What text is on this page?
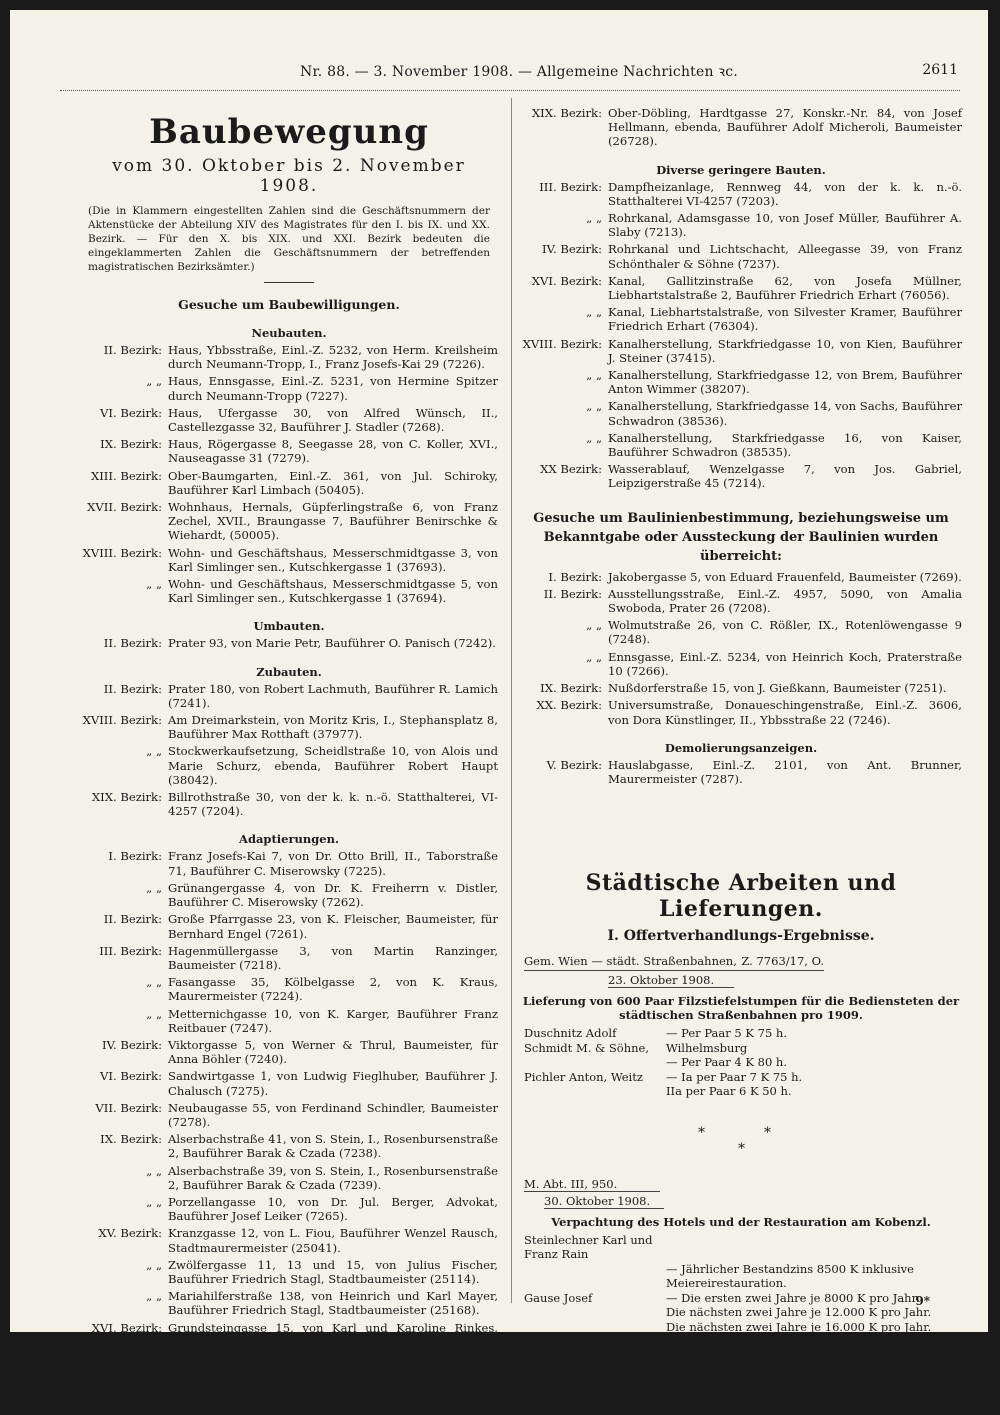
Nr. 88. — 3. November 1908. — Allgemeine Nachrichten ꝛc.	2611
Baubewegung
vom 30. Oktober bis 2. November 1908.
(Die in Klammern eingestellten Zahlen sind die Geschäftsnummern der Aktenstücke der Abteilung XIV des Magistrates für den I. bis IX. und XX. Bezirk. — Für den X. bis XIX. und XXI. Bezirk bedeuten die eingeklammerten Zahlen die Geschäftsnummern der betreffenden magistratischen Bezirksämter.)
Gesuche um Baubewilligungen.
Neubauten.
II. Bezirk: Haus, Ybbsstraße, Einl.-Z. 5232, von Herm. Kreilsheim durch Neumann-Tropp, I., Franz Josefs-Kai 29 (7226).
„ „ Haus, Ennsgasse, Einl.-Z. 5231, von Hermine Spitzer durch Neumann-Tropp (7227).
VI. Bezirk: Haus, Ufergasse 30, von Alfred Wünsch, II., Castellezgasse 32, Bauführer J. Stadler (7268).
IX. Bezirk: Haus, Rögergasse 8, Seegasse 28, von C. Koller, XVI., Nauseagasse 31 (7279).
XIII. Bezirk: Ober-Baumgarten, Einl.-Z. 361, von Jul. Schiroky, Bauführer Karl Limbach (50405).
XVII. Bezirk: Wohnhaus, Hernals, Güpferlingstraße 6, von Franz Zechel, XVII., Braungasse 7, Bauführer Benirschke & Wiehardt, (50005).
XVIII. Bezirk: Wohn- und Geschäftshaus, Messerschmidtgasse 3, von Karl Simlinger sen., Kutschkergasse 1 (37693).
„ „ Wohn- und Geschäftshaus, Messerschmidtgasse 5, von Karl Simlinger sen., Kutschkergasse 1 (37694).
Umbauten.
II. Bezirk: Prater 93, von Marie Petr, Bauführer O. Panisch (7242).
Zubauten.
II. Bezirk: Prater 180, von Robert Lachmuth, Bauführer R. Lamich (7241).
XVIII. Bezirk: Am Dreimarkstein, von Moritz Kris, I., Stephansplatz 8, Bauführer Max Rotthaft (37977).
„ „ Stockwerkaufsetzung, Scheidlstraße 10, von Alois und Marie Schurz, ebenda, Bauführer Robert Haupt (38042).
XIX. Bezirk: Billrothstraße 30, von der k. k. n.-ö. Statthalterei, VI-4257 (7204).
Adaptierungen.
I. Bezirk: Franz Josefs-Kai 7, von Dr. Otto Brill, II., Taborstraße 71, Bauführer C. Miserowsky (7225).
„ „ Grünangergasse 4, von Dr. K. Freiherrn v. Distler, Bauführer C. Miserowsky (7262).
II. Bezirk: Große Pfarrgasse 23, von K. Fleischer, Baumeister, für Bernhard Engel (7261).
III. Bezirk: Hagenmüllergasse 3, von Martin Ranzinger, Baumeister (7218).
„ „ Fasangasse 35, Kölbelgasse 2, von K. Kraus, Maurermeister (7224).
„ „ Metternichgasse 10, von K. Karger, Bauführer Franz Reitbauer (7247).
IV. Bezirk: Viktorgasse 5, von Werner & Thrul, Baumeister, für Anna Böhler (7240).
VI. Bezirk: Sandwirtgasse 1, von Ludwig Fieglhuber, Bauführer J. Chalusch (7275).
VII. Bezirk: Neubaugasse 55, von Ferdinand Schindler, Baumeister (7278).
IX. Bezirk: Alserbachstraße 41, von S. Stein, I., Rosenbursenstraße 2, Bauführer Barak & Czada (7238).
„ „ Alserbachstraße 39, von S. Stein, I., Rosenbursenstraße 2, Bauführer Barak & Czada (7239).
„ „ Porzellangasse 10, von Dr. Jul. Berger, Advokat, Bauführer Josef Leiker (7265).
XV. Bezirk: Kranzgasse 12, von L. Fiou, Bauführer Wenzel Rausch, Stadtmaurermeister (25041).
„ „ Zwölfergasse 11, 13 und 15, von Julius Fischer, Bauführer Friedrich Stagl, Stadtbaumeister (25114).
„ „ Mariahilferstraße 138, von Heinrich und Karl Mayer, Bauführer Friedrich Stagl, Stadtbaumeister (25168).
XVI. Bezirk: Grundsteingasse 15, von Karl und Karoline Rinkes, Bauführer Wenzel Tröster (76507).
XVIII. Bezirk: Marsanogasse 1, von Franz Straßer, ebenda, Bauführer Josef Schober (37607).
„ „ Rathstraße 8, von Johann Hochmayer, ebenda, Bauführer Johann Kloiber (38141).
XIX. Bezirk: Ober-Döbling, Hardtgasse 27, Konskr.-Nr. 84, von Josef Hellmann, ebenda, Bauführer Adolf Micheroli, Baumeister (26728).
Diverse geringere Bauten.
III. Bezirk: Dampfheizanlage, Rennweg 44, von der k. k. n.-ö. Statthalterei VI-4257 (7203).
„ „ Rohrkanal, Adamsgasse 10, von Josef Müller, Bauführer A. Slaby (7213).
IV. Bezirk: Rohrkanal und Lichtschacht, Alleegasse 39, von Franz Schönthaler & Söhne (7237).
XVI. Bezirk: Kanal, Gallitzinstraße 62, von Josefa Müllner, Liebhartstalstraße 2, Bauführer Friedrich Erhart (76056).
„ „ Kanal, Liebhartstalstraße, von Silvester Kramer, Bauführer Friedrich Erhart (76304).
XVIII. Bezirk: Kanalherstellung, Starkfriedgasse 10, von Kien, Bauführer J. Steiner (37415).
„ „ Kanalherstellung, Starkfriedgasse 12, von Brem, Bauführer Anton Wimmer (38207).
„ „ Kanalherstellung, Starkfriedgasse 14, von Sachs, Bauführer Schwadron (38536).
„ „ Kanalherstellung, Starkfriedgasse 16, von Kaiser, Bauführer Schwadron (38535).
XX Bezirk: Wasserablauf, Wenzelgasse 7, von Jos. Gabriel, Leipzigerstraße 45 (7214).
Gesuche um Baulinienbestimmung, beziehungsweise um Bekanntgabe oder Aussteckung der Baulinien wurden überreicht:
I. Bezirk: Jakobergasse 5, von Eduard Frauenfeld, Baumeister (7269).
II. Bezirk: Ausstellungsstraße, Einl.-Z. 4957, 5090, von Amalia Swoboda, Prater 26 (7208).
„ „ Wolmutstraße 26, von C. Rößler, IX., Rotenlöwengasse 9 (7248).
„ „ Ennsgasse, Einl.-Z. 5234, von Heinrich Koch, Praterstraße 10 (7266).
IX. Bezirk: Nußdorferstraße 15, von J. Gießkann, Baumeister (7251).
XX. Bezirk: Universumstraße, Donaueschingenstraße, Einl.-Z. 3606, von Dora Künstlinger, II., Ybbsstraße 22 (7246).
Demolierungsanzeigen.
V. Bezirk: Hauslabgasse, Einl.-Z. 2101, von Ant. Brunner, Maurermeister (7287).
Städtische Arbeiten und Lieferungen.
I. Offertverhandlungs-Ergebnisse.
Gem. Wien — städt. Straßenbahnen, Z. 7763/17, O.
23. Oktober 1908.
Lieferung von 600 Paar Filzstiefelstumpen für die Bediensteten der städtischen Straßenbahnen pro 1909.
Duschnitz Adolf	— Per Paar 5 K 75 h.
Schmidt M. & Söhne,	Wilhelmsburg
— Per Paar 4 K 80 h.
Pichler Anton, Weitz	— Ia per Paar 7 K 75 h.
IIa per Paar 6 K 50 h.
*	*
*
M. Abt. III, 950.
30. Oktober 1908.
Verpachtung des Hotels und der Restauration am Kobenzl.
Steinlechner Karl und Franz Rain
— Jährlicher Bestandzins 8500 K inklusive Meiereirestauration.
Gause Josef	— Die ersten zwei Jahre je 8000 K pro Jahr.
Die nächsten zwei Jahre je 12.000 K pro Jahr.
Die nächsten zwei Jahre je 16.000 K pro Jahr.
9*
